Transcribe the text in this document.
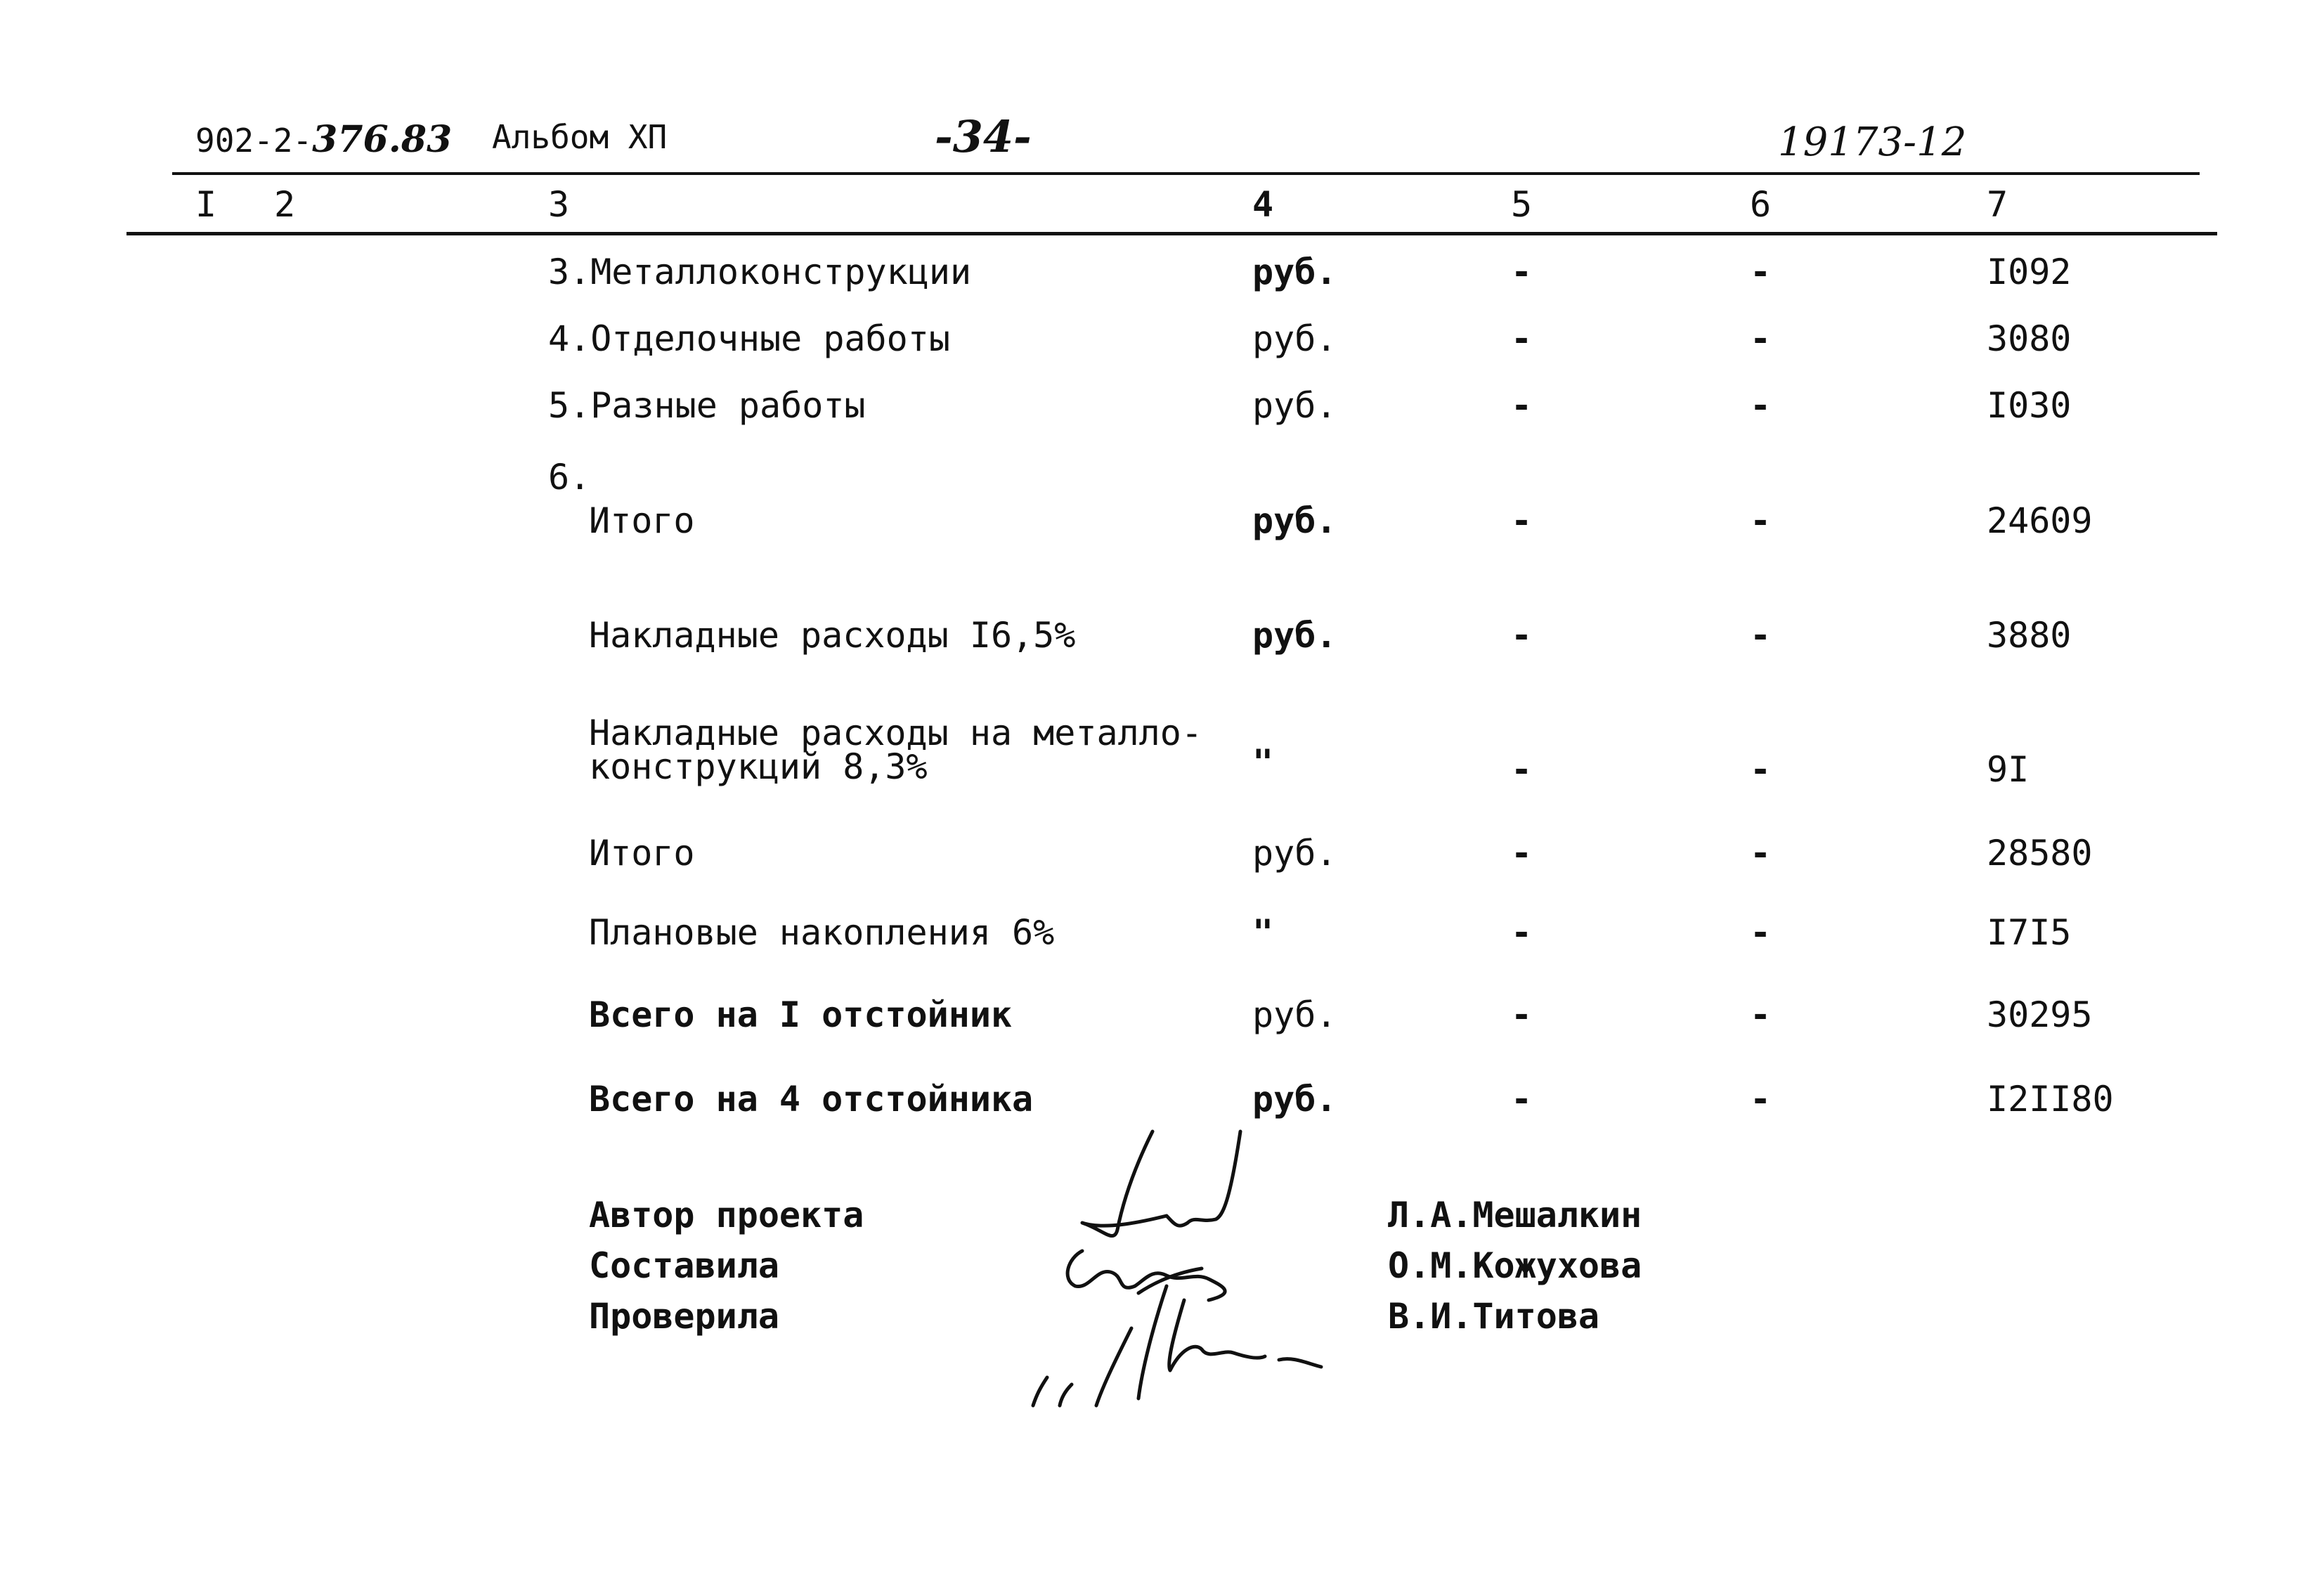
902-2-376.83 Альбом ХП	-34-	19173-12
I 2	3	4	5	6	7
3.Металлоконструкции	руб.	-	-	I092
4.Отделочные работы	руб.	-	-	3080
5.Разные работы	руб.	-	-	I030
6.
Итого	руб.	-	-	24609
Накладные расходы I6,5%	руб.	-	-	3880
Накладные расходы на металло-
конструкций 8,3%	"	-	-	9I
Итого	руб.	-	-	28580
Плановые накопления 6%	"	-	-	I7I5
Всего на I отстойник	руб.	-	-	30295
Всего на 4 отстойника	руб.	-	-	I2II80
Автор проекта
Составила
Проверила
Л.А.Мешалкин
О.М.Кожухова
В.И.Титова
